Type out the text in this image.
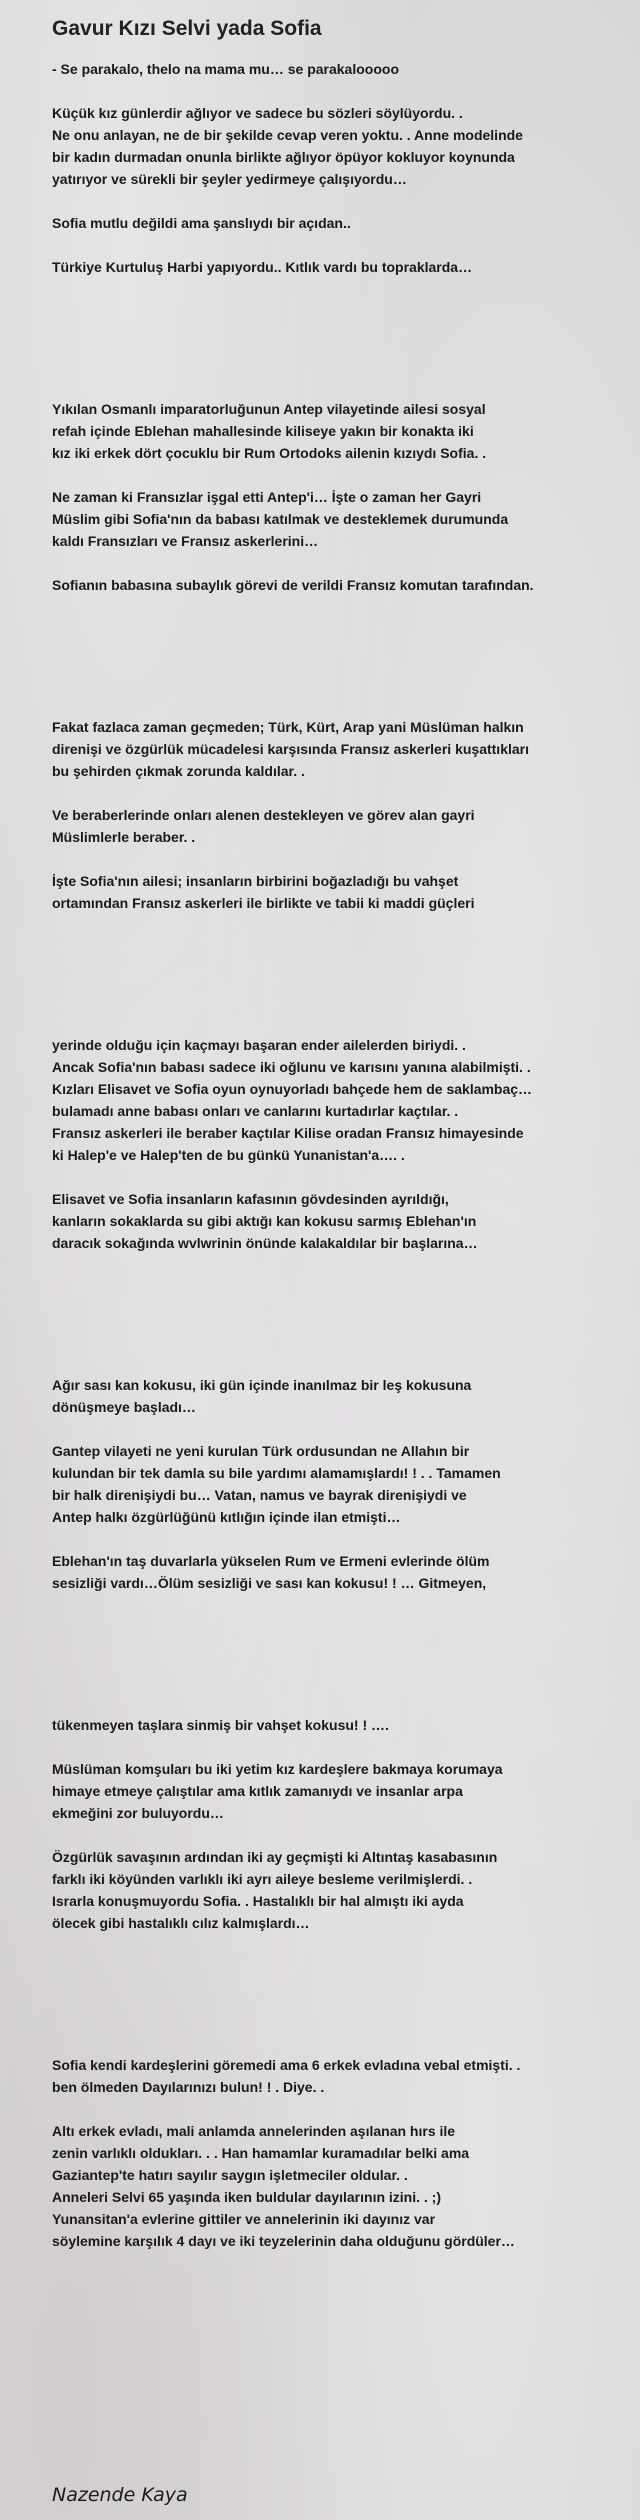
Gavur Kızı Selvi yada Sofia
- Se parakalo, thelo na mama mu… se parakalooooo
Küçük kız günlerdir ağlıyor ve sadece bu sözleri söylüyordu. .
Ne onu anlayan, ne de bir şekilde cevap veren yoktu. . Anne modelinde
bir kadın durmadan onunla birlikte ağlıyor öpüyor kokluyor koynunda
yatırıyor ve sürekli bir şeyler yedirmeye çalışıyordu…
Sofia mutlu değildi ama şanslıydı bir açıdan..
Türkiye Kurtuluş Harbi yapıyordu.. Kıtlık vardı bu topraklarda…
Yıkılan Osmanlı imparatorluğunun Antep vilayetinde ailesi sosyal
refah içinde Eblehan mahallesinde kiliseye yakın bir konakta iki
kız iki erkek dört çocuklu bir Rum Ortodoks ailenin kızıydı Sofia. .
Ne zaman ki Fransızlar işgal etti Antep'i… İşte o zaman her Gayri
Müslim gibi Sofia'nın da babası katılmak ve desteklemek durumunda
kaldı Fransızları ve Fransız askerlerini…
Sofianın babasına subaylık görevi de verildi Fransız komutan tarafından.
Fakat fazlaca zaman geçmeden; Türk, Kürt, Arap yani Müslüman halkın
direnişi ve özgürlük mücadelesi karşısında Fransız askerleri kuşattıkları
bu şehirden çıkmak zorunda kaldılar. .
Ve beraberlerinde onları alenen destekleyen ve görev alan gayri
Müslimlerle beraber. .
İşte Sofia'nın ailesi; insanların birbirini boğazladığı bu vahşet
ortamından Fransız askerleri ile birlikte ve tabii ki maddi güçleri
yerinde olduğu için kaçmayı başaran ender ailelerden biriydi. .
Ancak Sofia'nın babası sadece iki oğlunu ve karısını yanına alabilmişti. .
Kızları Elisavet ve Sofia oyun oynuyorladı bahçede hem de saklambaç…
bulamadı anne babası onları ve canlarını kurtadırlar kaçtılar. .
Fransız askerleri ile beraber kaçtılar Kilise oradan Fransız himayesinde
ki Halep'e ve Halep'ten de bu günkü Yunanistan'a…. .
Elisavet ve Sofia insanların kafasının gövdesinden ayrıldığı,
kanların sokaklarda su gibi aktığı kan kokusu sarmış Eblehan'ın
daracık sokağında wvlwrinin önünde kalakaldılar bir başlarına…
Ağır sası kan kokusu, iki gün içinde inanılmaz bir leş kokusuna
dönüşmeye başladı…
Gantep vilayeti ne yeni kurulan Türk ordusundan ne Allahın bir
kulundan bir tek damla su bile yardımı alamamışlardı! ! . . Tamamen
bir halk direnişiydi bu… Vatan, namus ve bayrak direnişiydi ve
Antep halkı özgürlüğünü kıtlığın içinde ilan etmişti…
Eblehan'ın taş duvarlarla yükselen Rum ve Ermeni evlerinde ölüm
sesizliği vardı…Ölüm sesizliği ve sası kan kokusu! ! … Gitmeyen,
tükenmeyen taşlara sinmiş bir vahşet kokusu! ! ….
Müslüman komşuları bu iki yetim kız kardeşlere bakmaya korumaya
himaye etmeye çalıştılar ama kıtlık zamanıydı ve insanlar arpa
ekmeğini zor buluyordu…
Özgürlük savaşının ardından iki ay geçmişti ki Altıntaş kasabasının
farklı iki köyünden varlıklı iki ayrı aileye besleme verilmişlerdi. .
Israrla konuşmuyordu Sofia. . Hastalıklı bir hal almıştı iki ayda
ölecek gibi hastalıklı cılız kalmışlardı…
Sofia kendi kardeşlerini göremedi ama 6 erkek evladına vebal etmişti. .
ben ölmeden Dayılarınızı bulun! ! . Diye. .
Altı erkek evladı, mali anlamda annelerinden aşılanan hırs ile
zenin varlıklı oldukları. . . Han hamamlar kuramadılar belki ama
Gaziantep'te hatırı sayılır saygın işletmeciler oldular. .
Anneleri Selvi 65 yaşında iken buldular dayılarının izini. . ;)
Yunansitan'a evlerine gittiler ve annelerinin iki dayınız var
söylemine karşılık 4 dayı ve iki teyzelerinin daha olduğunu gördüler…
Nazende Kaya
